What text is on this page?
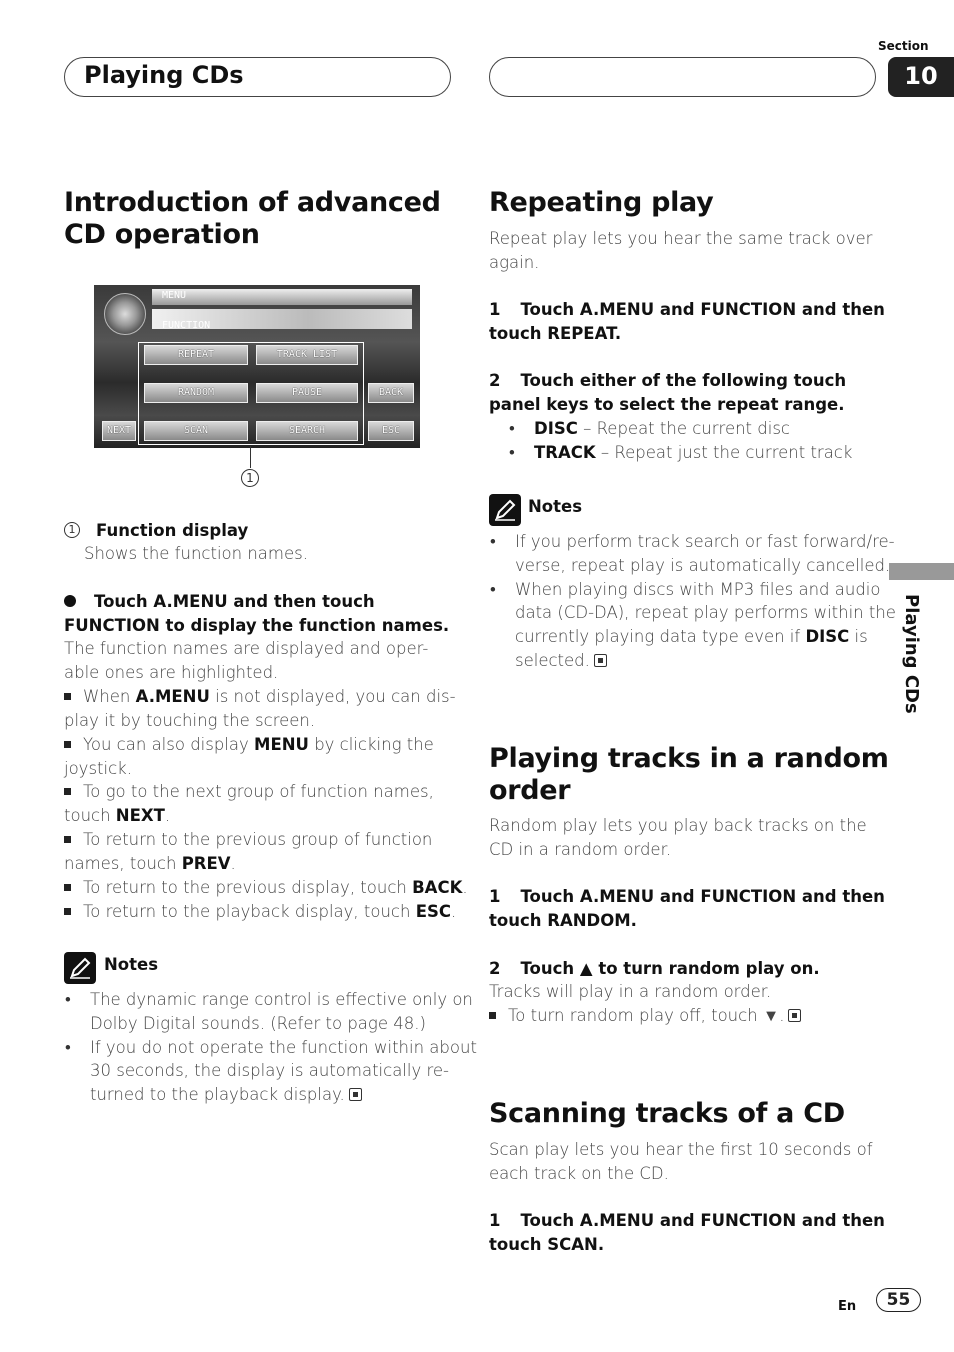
Playing CDs
Section
10
Playing CDs
Introduction of advanced CD operation
MENU
FUNCTION
REPEAT	TRACK LIST
RANDOM	PAUSE	BACK
NEXT	SCAN	SEARCH	ESC
1
1 Function display
Shows the function names.
Touch A.MENU and then touch
FUNCTION to display the function names.
The function names are displayed and oper-
able ones are highlighted.
When A.MENU is not displayed, you can dis-
play it by touching the screen.
You can also display MENU by clicking the
joystick.
To go to the next group of function names,
touch NEXT.
To return to the previous group of function
names, touch PREV.
To return to the previous display, touch BACK.
To return to the playback display, touch ESC.
Notes
• The dynamic range control is effective only on
Dolby Digital sounds. (Refer to page 48.)
• If you do not operate the function within about
30 seconds, the display is automatically re-
turned to the playback display.
Repeating play
Repeat play lets you hear the same track over
again.
1 Touch A.MENU and FUNCTION and then
touch REPEAT.
2 Touch either of the following touch
panel keys to select the repeat range.
• DISC – Repeat the current disc
• TRACK – Repeat just the current track
Notes
• If you perform track search or fast forward/re-
verse, repeat play is automatically cancelled.
• When playing discs with MP3 files and audio
data (CD-DA), repeat play performs within the
currently playing data type even if DISC is
selected.
Playing tracks in a random
order
Random play lets you play back tracks on the
CD in a random order.
1 Touch A.MENU and FUNCTION and then
touch RANDOM.
2 Touch ▲ to turn random play on.
Tracks will play in a random order.
To turn random play off, touch ▼.
Scanning tracks of a CD
Scan play lets you hear the first 10 seconds of
each track on the CD.
1 Touch A.MENU and FUNCTION and then
touch SCAN.
En	55
